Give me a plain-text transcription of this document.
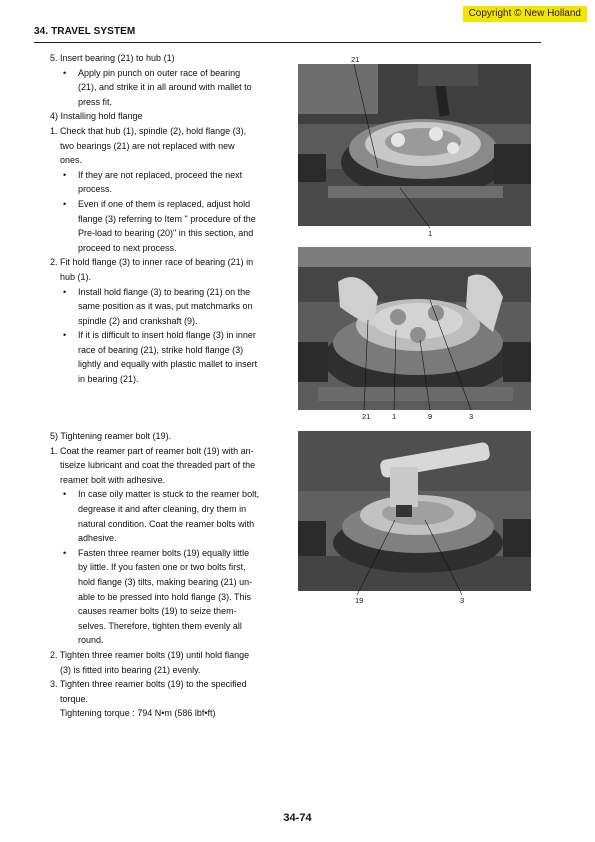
Copyright © New Holland
34. TRAVEL SYSTEM

5. Insert bearing (21) to hub (1)

• Apply pin punch on outer race of bearing
(21), and strike it in all around with mallet to
press fit.

4) Installing hold flange

1. Check that hub (1), spindle (2), hold flange (3),
two bearings (21) are not replaced with new
ones.
• If they are not replaced, proceed the next
process.
• Even if one of them is replaced, adjust hold
flange (3) referring to Item " procedure of the
Pre-load to bearing (20)" in this section, and
proceed to next process.
2. Fit hold flange (3) to inner race of bearing (21) in
hub (1).
• Install hold flange (3) to bearing (21) on the
same position as it was, put matchmarks on
spindle (2) and crankshaft (9).
• If it is difficult to insert hold flange (3) in inner
race of bearing (21), strike hold flange (3)
lightly and equally with plastic mallet to insert
in bearing (21).

5) Tightening reamer bolt (19).

1. Coat the reamer part of reamer bolt (19) with an-
tiseize lubricant and coat the threaded part of the
reamer bolt with adhesive.
• In case oily matter is stuck to the reamer bolt,
degrease it and after cleaning, dry them in
natural condition. Coat the reamer bolts with
adhesive.
• Fasten three reamer bolts (19) equally little
by little. If you fasten one or two bolts first,
hold flange (3) tilts, making bearing (21) un-
able to be pressed into hold flange (3). This
causes reamer bolts (19) to seize them-
selves. Therefore, tighten them evenly all
round.
2. Tighten three reamer bolts (19) until hold flange
(3) is fitted into bearing (21) evenly.
3. Tighten three reamer bolts (19) to the specified
torque.
Tightening torque : 794 N•m (586 lbf•ft)
21
1
21	1	9	3
19	3
34-74
